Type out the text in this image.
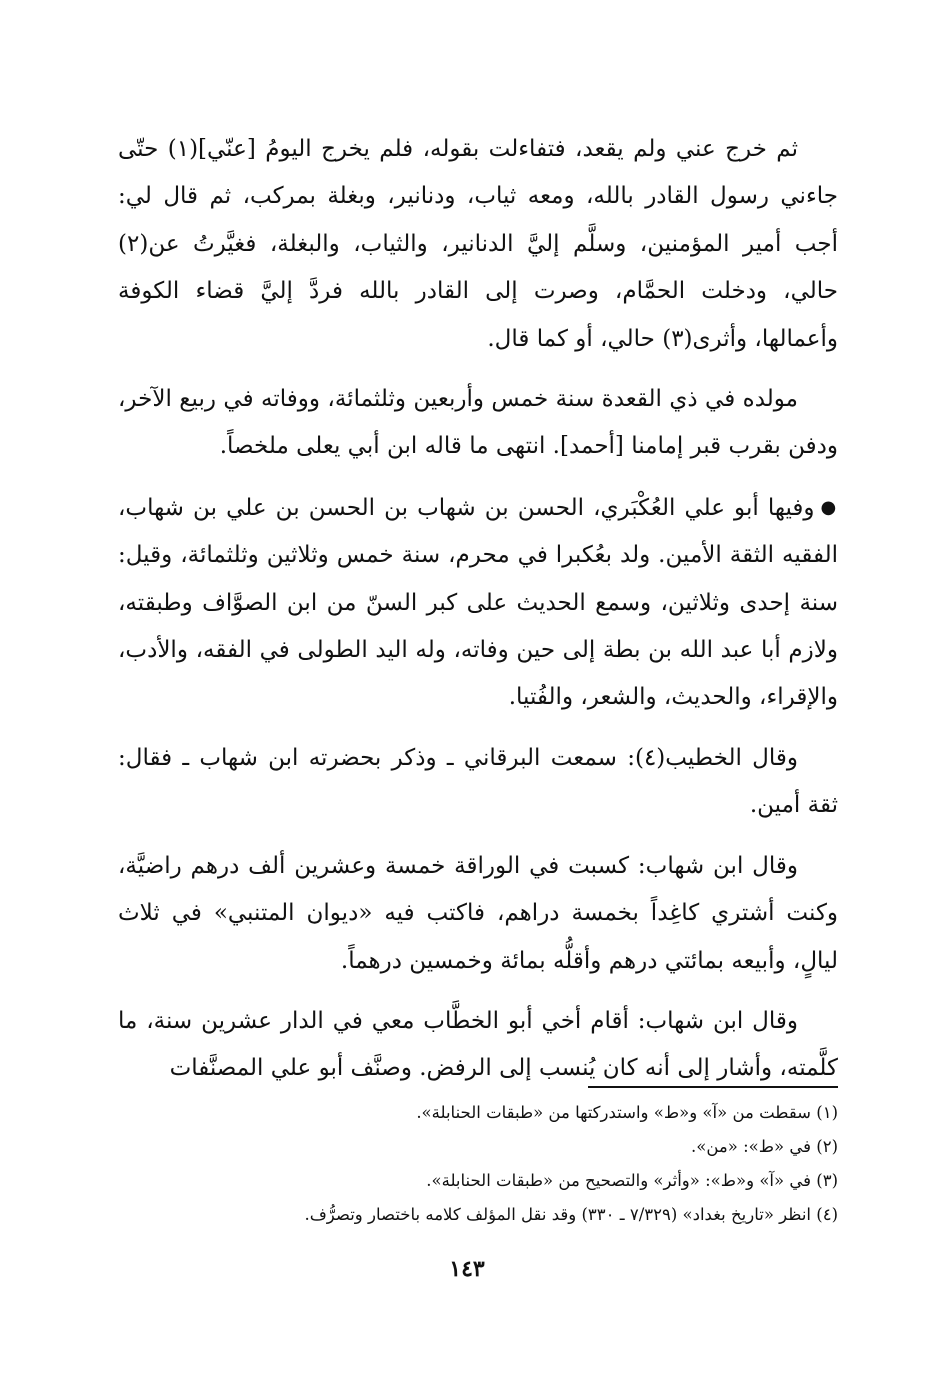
ثم خرج عني ولم يقعد، فتفاءلت بقوله، فلم يخرج اليومُ [عنّي](١) حتّى جاءني رسول القادر بالله، ومعه ثياب، ودنانير، وبغلة بمركب، ثم قال لي: أجب أمير المؤمنين، وسلَّم إليَّ الدنانير، والثياب، والبغلة، فغيَّرتُ عن(٢) حالي، ودخلت الحمَّام، وصرت إلى القادر بالله فردَّ إليَّ قضاء الكوفة وأعمالها، وأثرى(٣) حالي، أو كما قال.

مولده في ذي القعدة سنة خمس وأربعين وثلثمائة، ووفاته في ربيع الآخر، ودفن بقرب قبر إمامنا [أحمد]. انتهى ما قاله ابن أبي يعلى ملخصاً.

●وفيها أبو علي العُكْبَري، الحسن بن شهاب بن الحسن بن علي بن شهاب، الفقيه الثقة الأمين. ولد بعُكبرا في محرم، سنة خمس وثلاثين وثلثمائة، وقيل: سنة إحدى وثلاثين، وسمع الحديث على كبر السنّ من ابن الصوَّاف وطبقته، ولازم أبا عبد الله بن بطة إلى حين وفاته، وله اليد الطولى في الفقه، والأدب، والإقراء، والحديث، والشعر، والفُتيا.

وقال الخطيب(٤): سمعت البرقاني ـ وذكر بحضرته ابن شهاب ـ فقال: ثقة أمين.

وقال ابن شهاب: كسبت في الوراقة خمسة وعشرين ألف درهم راضيَّة، وكنت أشتري كاغِداً بخمسة دراهم، فاكتب فيه «ديوان المتنبي» في ثلاث ليالٍ، وأبيعه بمائتي درهم وأقلُّه بمائة وخمسين درهماً.

وقال ابن شهاب: أقام أخي أبو الخطَّاب معي في الدار عشرين سنة، ما كلَّمته، وأشار إلى أنه كان يُنسب إلى الرفض. وصنَّف أبو علي المصنَّفات

(١) سقطت من «آ» و«ط» واستدركتها من «طبقات الحنابلة».

(٢) في «ط»: «من».

(٣) في «آ» و«ط»: «وأثر» والتصحيح من «طبقات الحنابلة».

(٤) انظر «تاريخ بغداد» (٧/٣٢٩ ـ ٣٣٠) وقد نقل المؤلف كلامه باختصار وتصرُّف.

١٤٣
